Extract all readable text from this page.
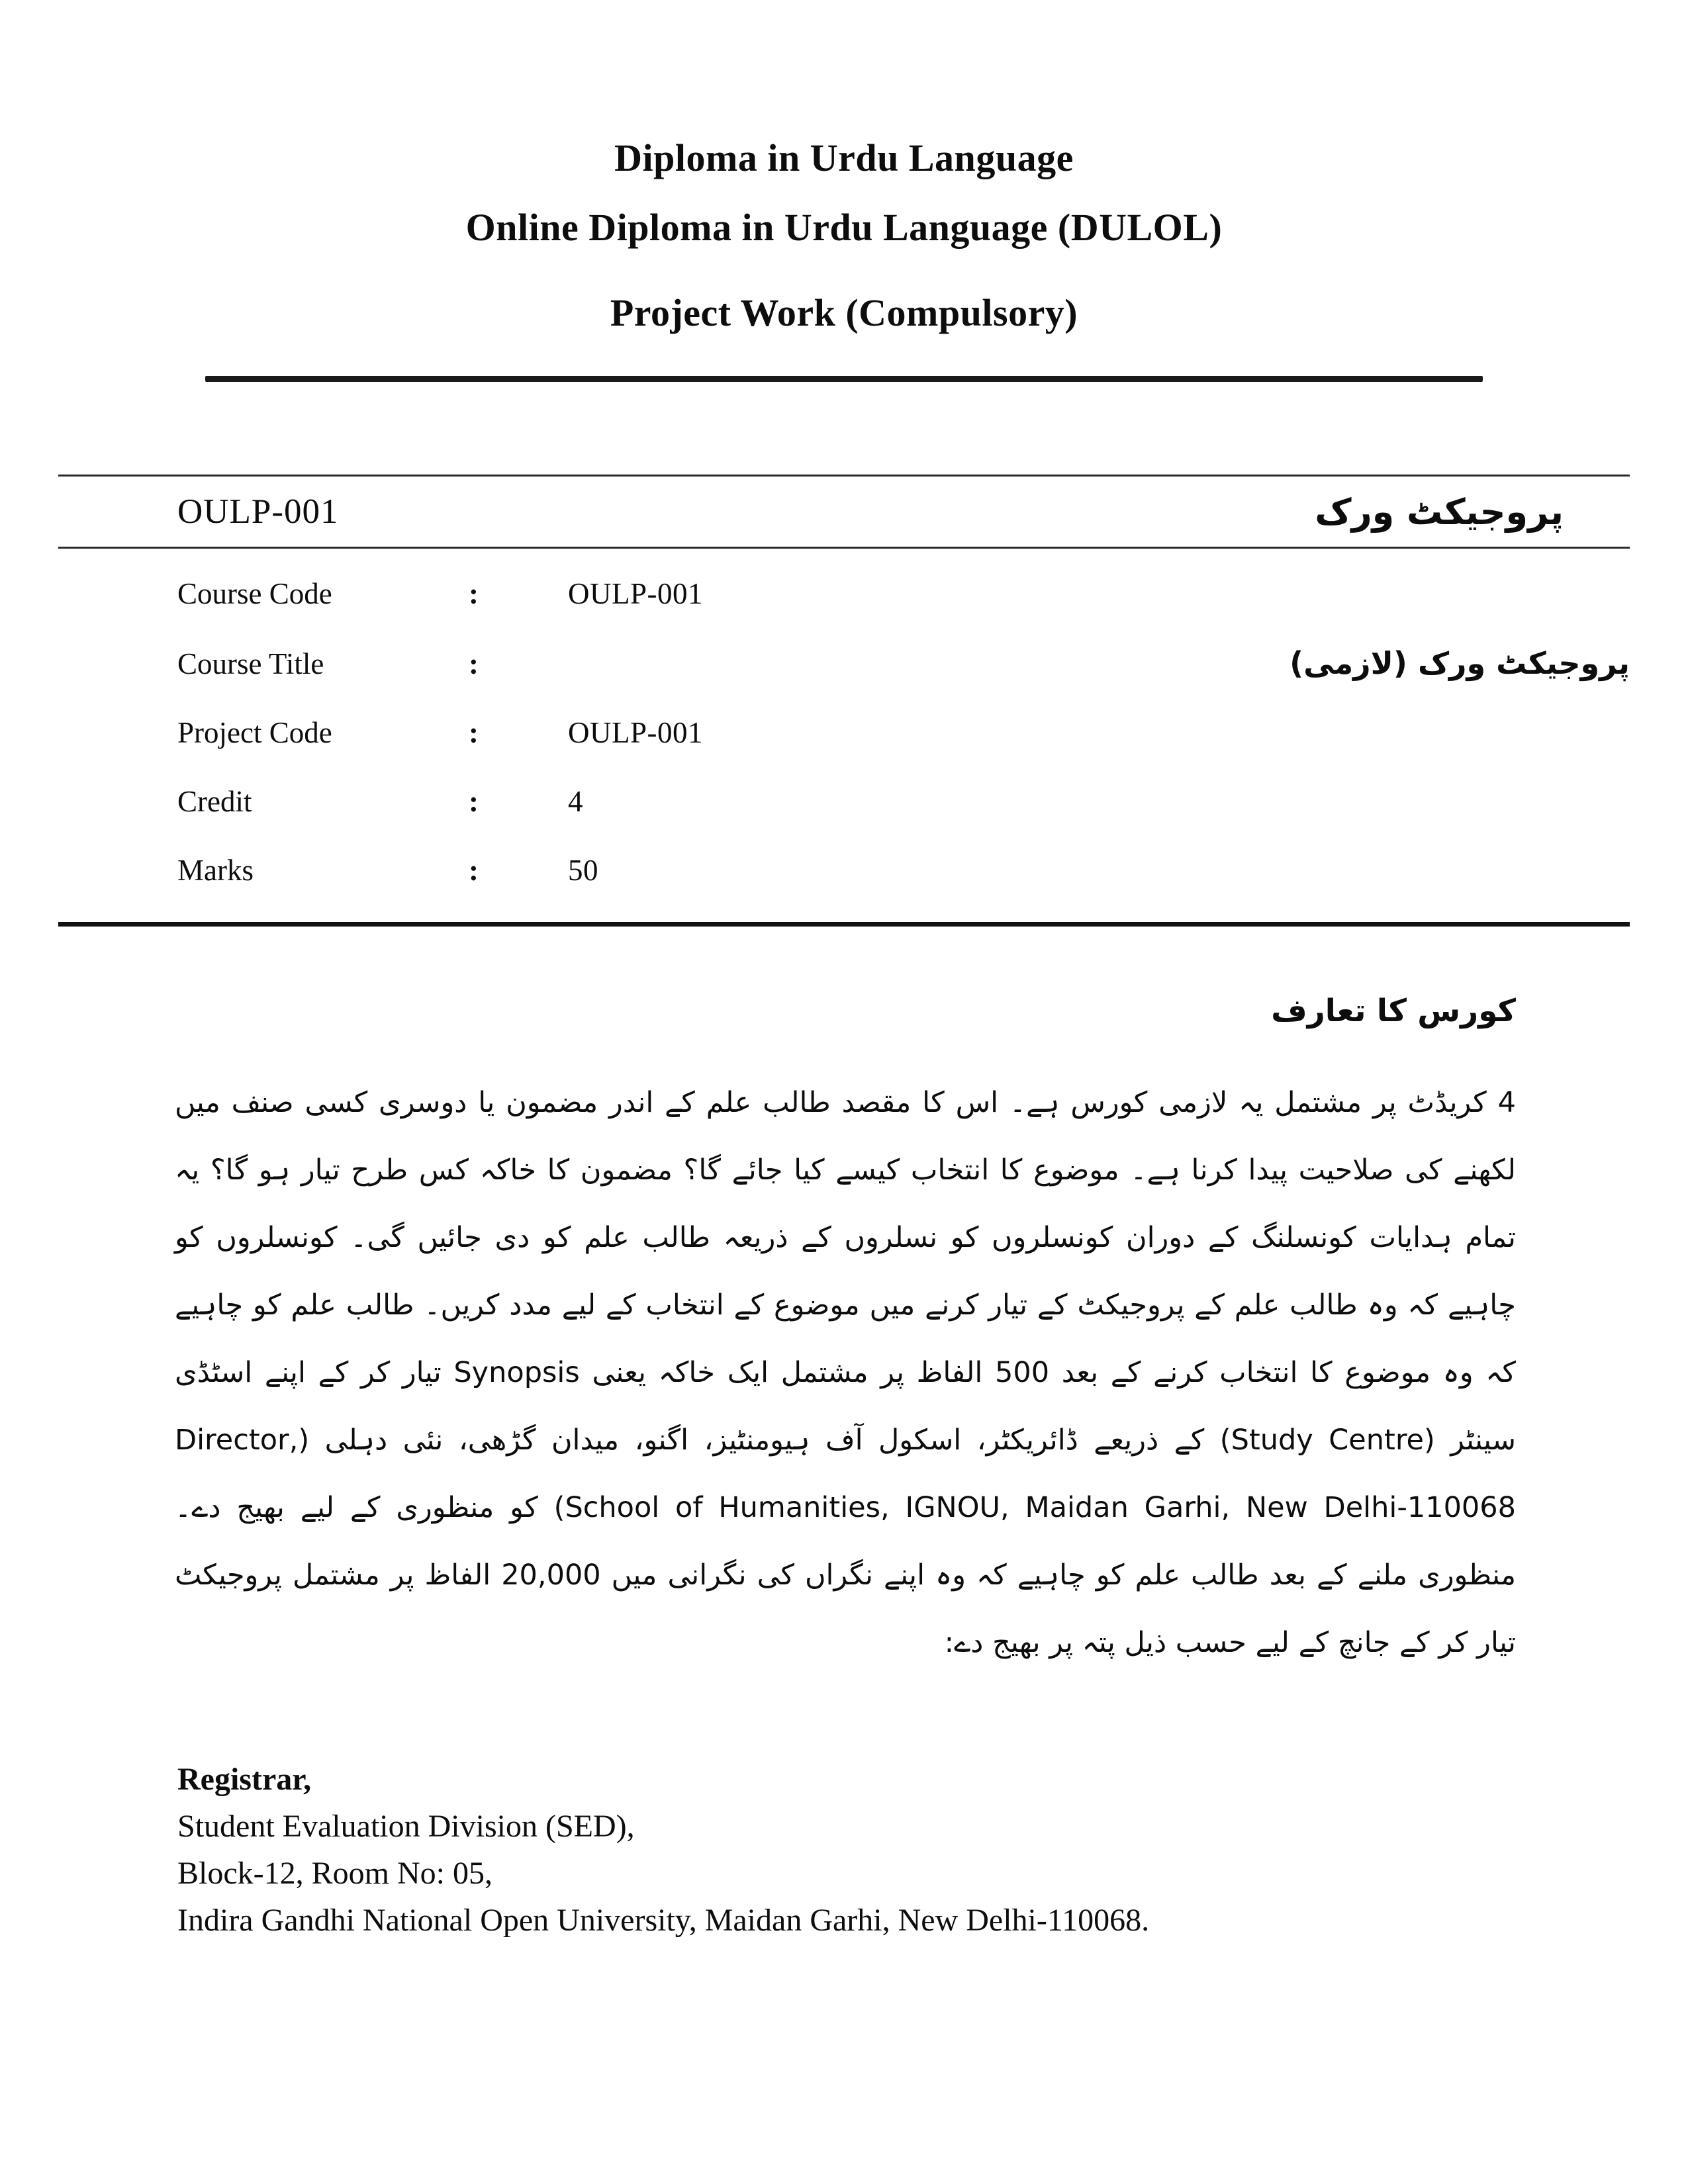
Diploma in Urdu Language
Online Diploma in Urdu Language (DULOL)
Project Work (Compulsory)
OULP-001	پروجیکٹ ورک
Course Code	:	OULP-001
Course Title	:	پروجیکٹ ورک (لازمی)
Project Code	:	OULP-001
Credit	:	4
Marks	:	50
کورس کا تعارف

4 کریڈٹ پر مشتمل یہ لازمی کورس ہے۔ اس کا مقصد طالب علم کے اندر مضمون یا دوسری کسی صنف میں لکھنے کی صلاحیت پیدا کرنا ہے۔ موضوع کا انتخاب کیسے کیا جائے گا؟ مضمون کا خاکہ کس طرح تیار ہو گا؟ یہ تمام ہدایات کونسلنگ کے دوران کونسلروں کو نسلروں کے ذریعہ طالب علم کو دی جائیں گی۔ کونسلروں کو چاہیے کہ وہ طالب علم کے پروجیکٹ کے تیار کرنے میں موضوع کے انتخاب کے لیے مدد کریں۔ طالب علم کو چاہیے کہ وہ موضوع کا انتخاب کرنے کے بعد 500 الفاظ پر مشتمل ایک خاکہ یعنی Synopsis تیار کر کے اپنے اسٹڈی سینٹر (Study Centre) کے ذریعے ڈائریکٹر، اسکول آف ہیومنٹیز، اگنو، میدان گڑھی، نئی دہلی (Director, School of Humanities, IGNOU, Maidan Garhi, New Delhi-110068) کو منظوری کے لیے بھیج دے۔ منظوری ملنے کے بعد طالب علم کو چاہیے کہ وہ اپنے نگراں کی نگرانی میں 20,000 الفاظ پر مشتمل پروجیکٹ تیار کر کے جانچ کے لیے حسب ذیل پتہ پر بھیج دے:

Registrar,
Student Evaluation Division (SED),
Block-12, Room No: 05,
Indira Gandhi National Open University, Maidan Garhi, New Delhi-110068.
